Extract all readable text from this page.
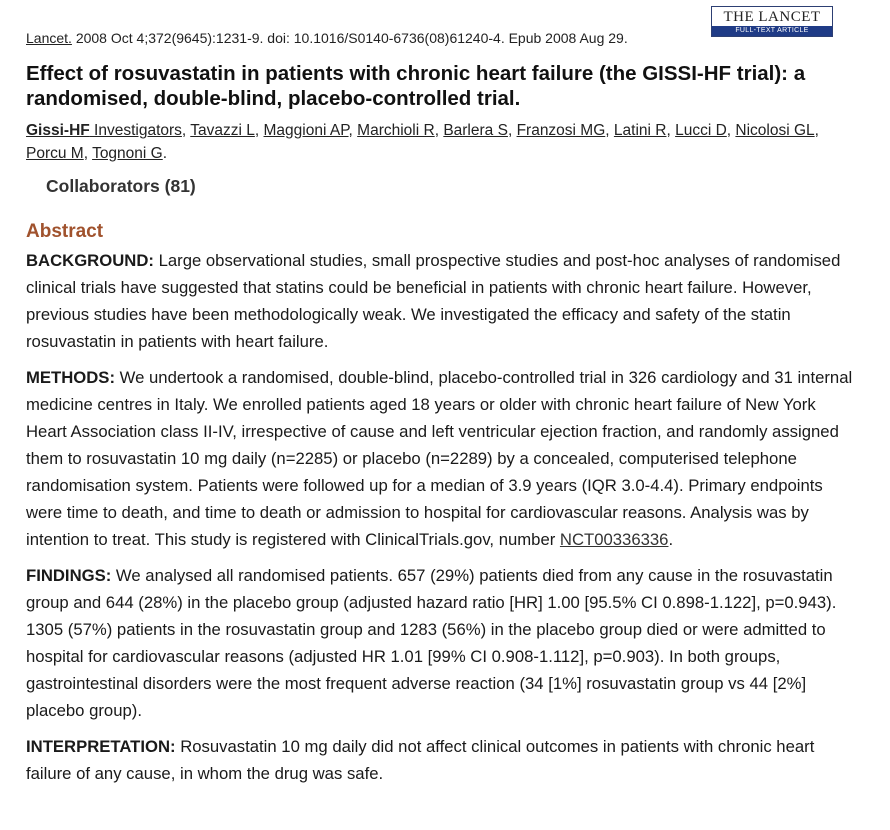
THE LANCET
FULL-TEXT ARTICLE
Lancet. 2008 Oct 4;372(9645):1231-9. doi: 10.1016/S0140-6736(08)61240-4. Epub 2008 Aug 29.
Effect of rosuvastatin in patients with chronic heart failure (the GISSI-HF trial): a randomised, double-blind, placebo-controlled trial.
Gissi-HF Investigators, Tavazzi L, Maggioni AP, Marchioli R, Barlera S, Franzosi MG, Latini R, Lucci D, Nicolosi GL, Porcu M, Tognoni G.
Collaborators (81)
Abstract

BACKGROUND: Large observational studies, small prospective studies and post-hoc analyses of randomised clinical trials have suggested that statins could be beneficial in patients with chronic heart failure. However, previous studies have been methodologically weak. We investigated the efficacy and safety of the statin rosuvastatin in patients with heart failure.

METHODS: We undertook a randomised, double-blind, placebo-controlled trial in 326 cardiology and 31 internal medicine centres in Italy. We enrolled patients aged 18 years or older with chronic heart failure of New York Heart Association class II-IV, irrespective of cause and left ventricular ejection fraction, and randomly assigned them to rosuvastatin 10 mg daily (n=2285) or placebo (n=2289) by a concealed, computerised telephone randomisation system. Patients were followed up for a median of 3.9 years (IQR 3.0-4.4). Primary endpoints were time to death, and time to death or admission to hospital for cardiovascular reasons. Analysis was by intention to treat. This study is registered with ClinicalTrials.gov, number NCT00336336.

FINDINGS: We analysed all randomised patients. 657 (29%) patients died from any cause in the rosuvastatin group and 644 (28%) in the placebo group (adjusted hazard ratio [HR] 1.00 [95.5% CI 0.898-1.122], p=0.943). 1305 (57%) patients in the rosuvastatin group and 1283 (56%) in the placebo group died or were admitted to hospital for cardiovascular reasons (adjusted HR 1.01 [99% CI 0.908-1.112], p=0.903). In both groups, gastrointestinal disorders were the most frequent adverse reaction (34 [1%] rosuvastatin group vs 44 [2%] placebo group).

INTERPRETATION: Rosuvastatin 10 mg daily did not affect clinical outcomes in patients with chronic heart failure of any cause, in whom the drug was safe.
